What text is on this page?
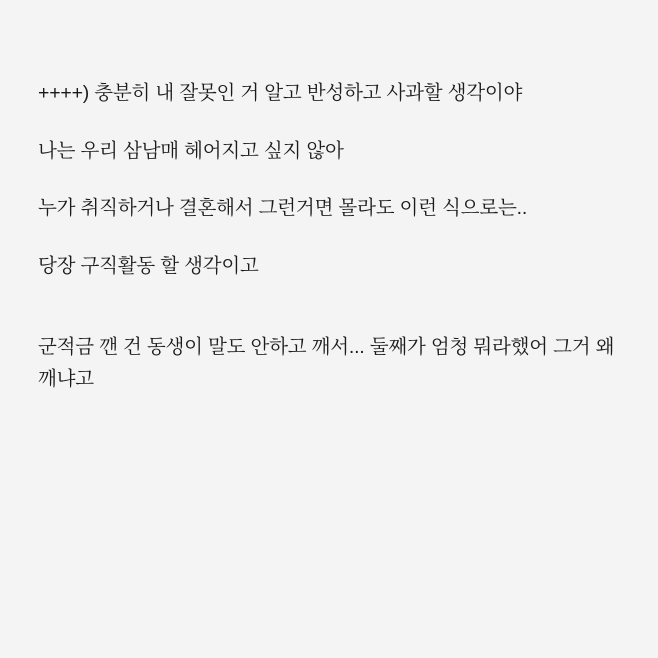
++++) 충분히 내 잘못인 거 알고 반성하고 사과할 생각이야

나는 우리 삼남매 헤어지고 싶지 않아

누가 취직하거나 결혼해서 그런거면 몰라도 이런 식으로는..

당장 구직활동 할 생각이고

군적금 깬 건 동생이 말도 안하고 깨서... 둘째가 엄청 뭐라했어 그거 왜 깨냐고
